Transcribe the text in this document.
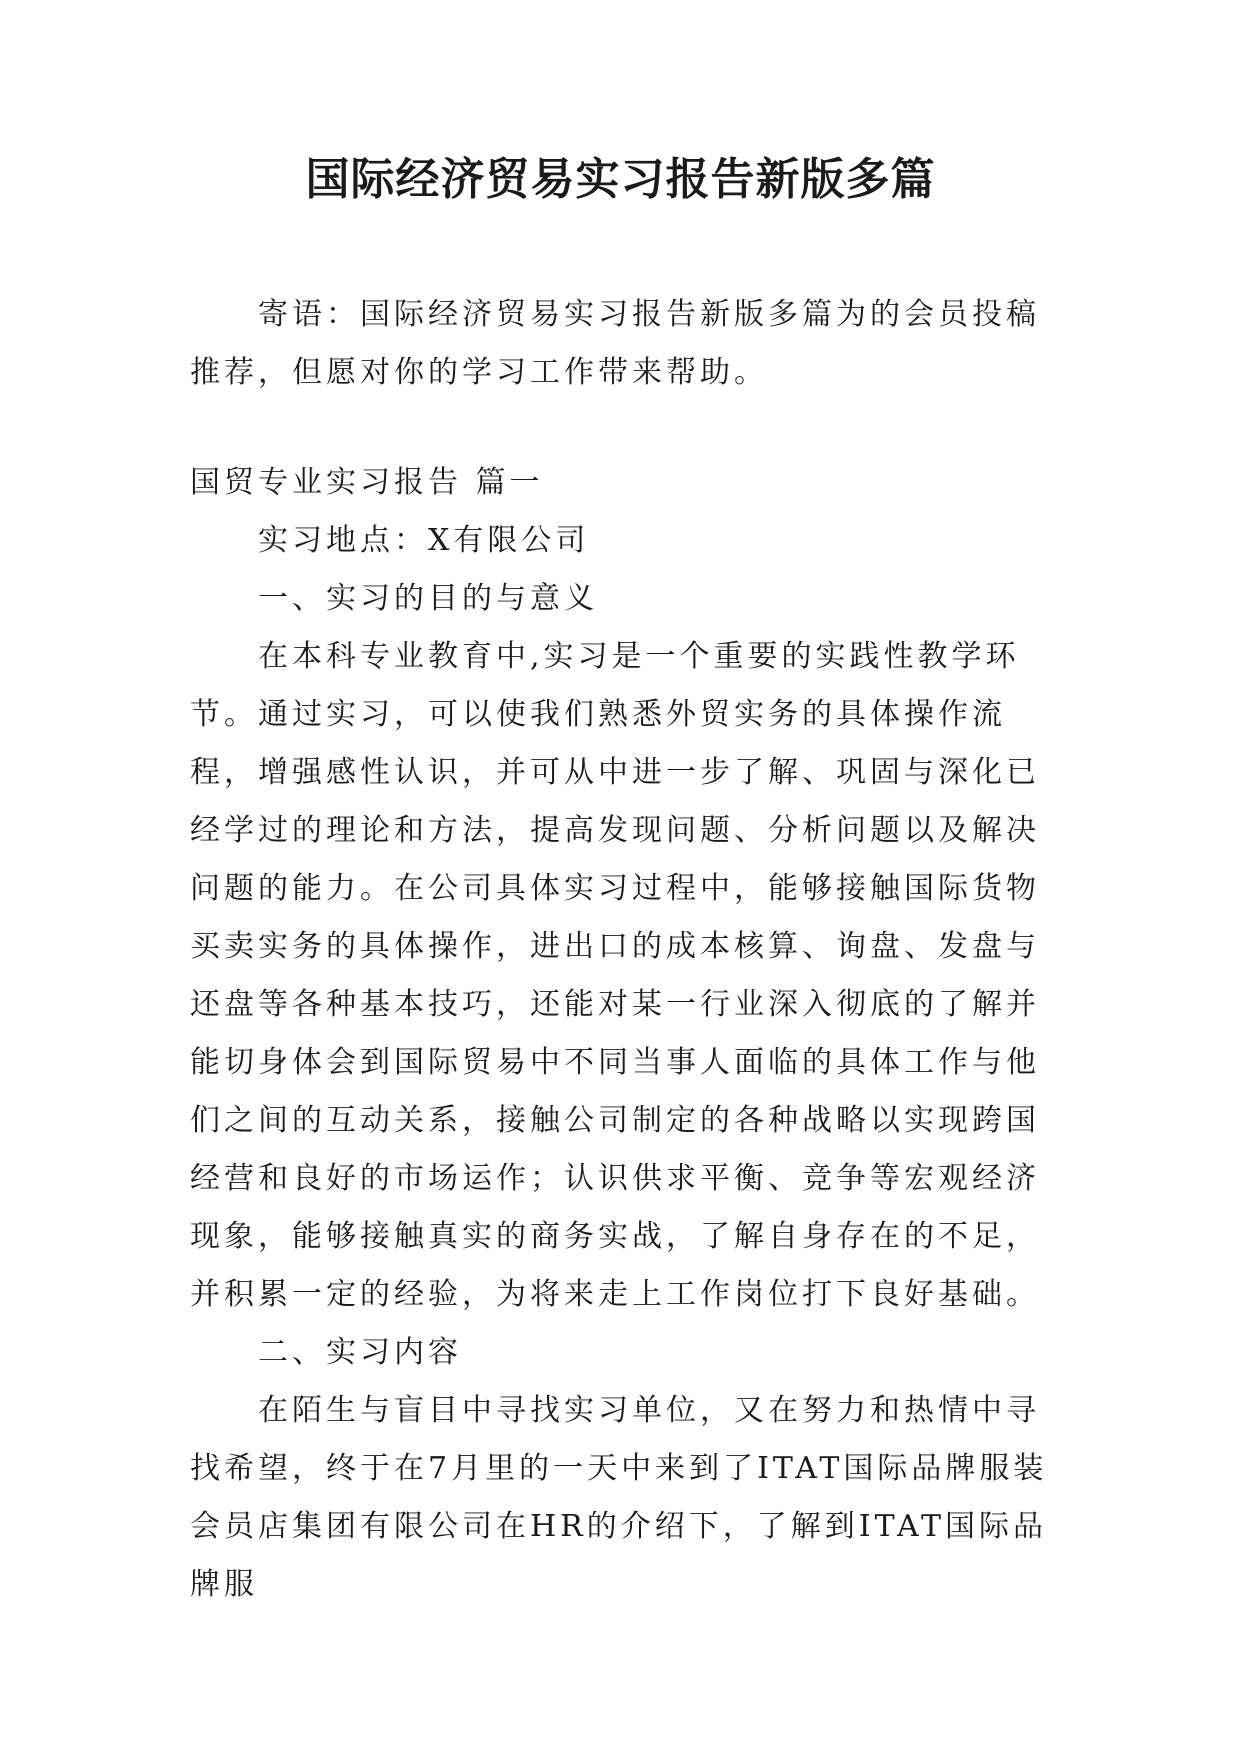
国际经济贸易实习报告新版多篇

寄语：国际经济贸易实习报告新版多篇为的会员投稿推荐，但愿对你的学习工作带来帮助。

国贸专业实习报告 篇一

实习地点：X有限公司

一、实习的目的与意义

在本科专业教育中,实习是一个重要的实践性教学环节。通过实习，可以使我们熟悉外贸实务的具体操作流程，增强感性认识，并可从中进一步了解、巩固与深化已经学过的理论和方法，提高发现问题、分析问题以及解决问题的能力。在公司具体实习过程中，能够接触国际货物买卖实务的具体操作，进出口的成本核算、询盘、发盘与还盘等各种基本技巧，还能对某一行业深入彻底的了解并能切身体会到国际贸易中不同当事人面临的具体工作与他们之间的互动关系，接触公司制定的各种战略以实现跨国经营和良好的市场运作；认识供求平衡、竞争等宏观经济现象，能够接触真实的商务实战，了解自身存在的不足，并积累一定的经验，为将来走上工作岗位打下良好基础。

二、实习内容

在陌生与盲目中寻找实习单位，又在努力和热情中寻找希望，终于在7月里的一天中来到了ITAT国际品牌服装会员店集团有限公司在HR的介绍下，了解到ITAT国际品牌服
